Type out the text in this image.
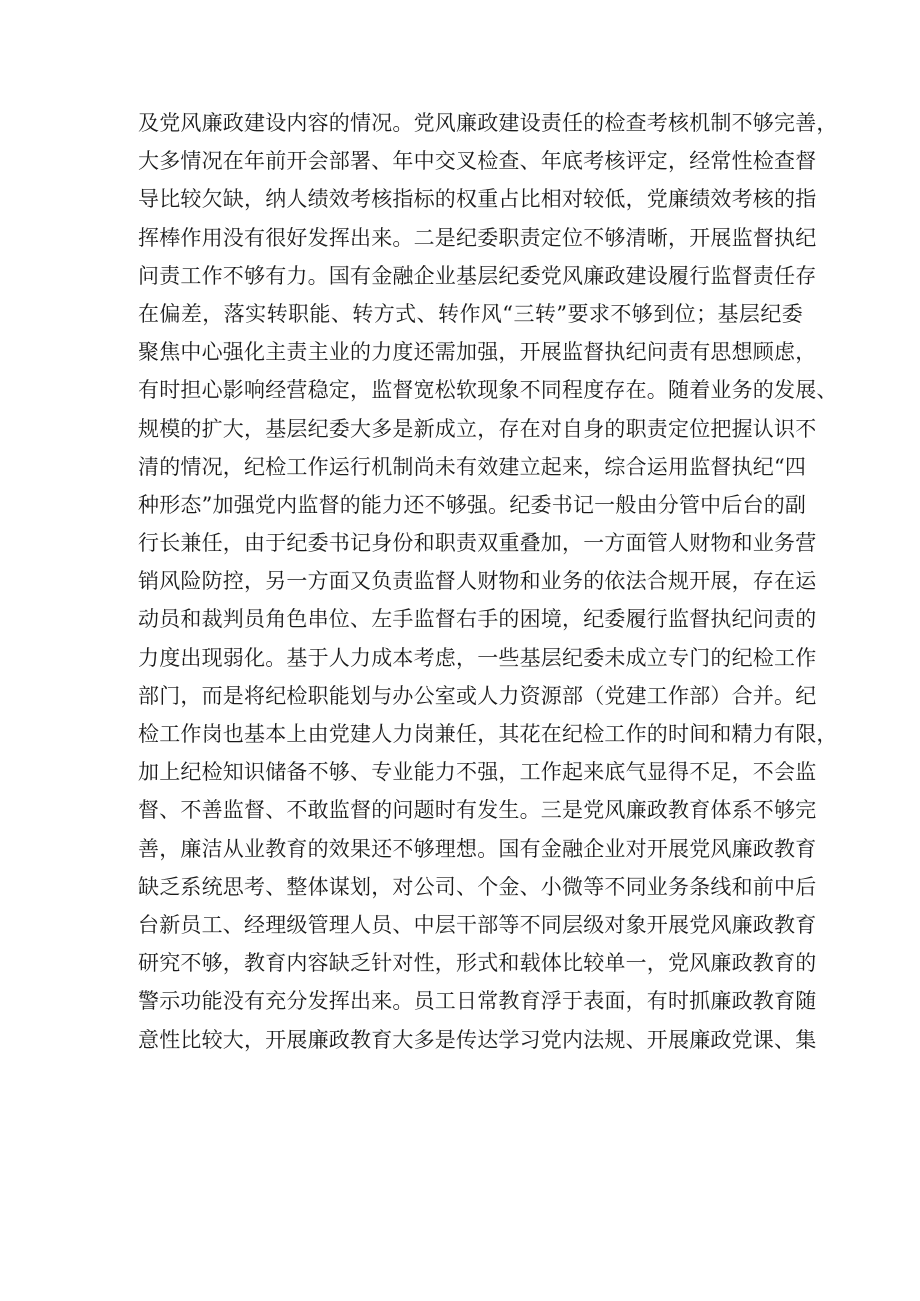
及党风廉政建设内容的情况。党风廉政建设责任的检查考核机制不够完善，
大多情况在年前开会部署、年中交叉检查、年底考核评定，经常性检查督
导比较欠缺，纳人绩效考核指标的权重占比相对较低，党廉绩效考核的指
挥棒作用没有很好发挥出来。二是纪委职责定位不够清晰，开展监督执纪
问责工作不够有力。国有金融企业基层纪委党风廉政建设履行监督责任存
在偏差，落实转职能、转方式、转作风“三转”要求不够到位；基层纪委
聚焦中心强化主责主业的力度还需加强，开展监督执纪问责有思想顾虑，
有时担心影响经营稳定，监督宽松软现象不同程度存在。随着业务的发展、
规模的扩大，基层纪委大多是新成立，存在对自身的职责定位把握认识不
清的情况，纪检工作运行机制尚未有效建立起来，综合运用监督执纪“四
种形态”加强党内监督的能力还不够强。纪委书记一般由分管中后台的副
行长兼任，由于纪委书记身份和职责双重叠加，一方面管人财物和业务营
销风险防控，另一方面又负责监督人财物和业务的依法合规开展，存在运
动员和裁判员角色串位、左手监督右手的困境，纪委履行监督执纪问责的
力度出现弱化。基于人力成本考虑，一些基层纪委未成立专门的纪检工作
部门，而是将纪检职能划与办公室或人力资源部（党建工作部）合并。纪
检工作岗也基本上由党建人力岗兼任，其花在纪检工作的时间和精力有限，
加上纪检知识储备不够、专业能力不强，工作起来底气显得不足，不会监
督、不善监督、不敢监督的问题时有发生。三是党风廉政教育体系不够完
善，廉洁从业教育的效果还不够理想。国有金融企业对开展党风廉政教育
缺乏系统思考、整体谋划，对公司、个金、小微等不同业务条线和前中后
台新员工、经理级管理人员、中层干部等不同层级对象开展党风廉政教育
研究不够，教育内容缺乏针对性，形式和载体比较单一，党风廉政教育的
警示功能没有充分发挥出来。员工日常教育浮于表面，有时抓廉政教育随
意性比较大，开展廉政教育大多是传达学习党内法规、开展廉政党课、集
